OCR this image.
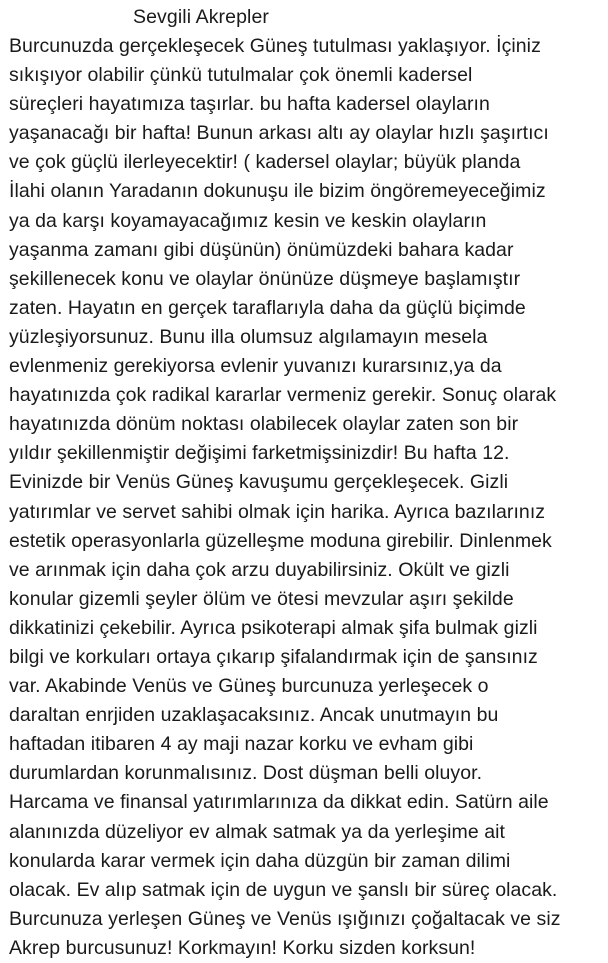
Sevgili Akrepler
Burcunuzda gerçekleşecek Güneş tutulması yaklaşıyor. İçiniz
sıkışıyor olabilir çünkü tutulmalar çok önemli kadersel
süreçleri hayatımıza taşırlar. bu hafta kadersel olayların
yaşanacağı bir hafta! Bunun arkası altı ay olaylar hızlı şaşırtıcı
ve çok güçlü ilerleyecektir! ( kadersel olaylar; büyük planda
İlahi olanın Yaradanın dokunuşu ile bizim öngöremeyeceğimiz
ya da karşı koyamayacağımız kesin ve keskin olayların
yaşanma zamanı gibi düşünün) önümüzdeki bahara kadar
şekillenecek konu ve olaylar önünüze düşmeye başlamıştır
zaten. Hayatın en gerçek taraflarıyla daha da güçlü biçimde
yüzleşiyorsunuz. Bunu illa olumsuz algılamayın mesela
evlenmeniz gerekiyorsa evlenir yuvanızı kurarsınız,ya da
hayatınızda çok radikal kararlar vermeniz gerekir. Sonuç olarak
hayatınızda dönüm noktası olabilecek olaylar zaten son bir
yıldır şekillenmiştir değişimi farketmişsinizdir! Bu hafta 12.
Evinizde bir Venüs Güneş kavuşumu gerçekleşecek. Gizli
yatırımlar ve servet sahibi olmak için harika. Ayrıca bazılarınız
estetik operasyonlarla güzelleşme moduna girebilir. Dinlenmek
ve arınmak için daha çok arzu duyabilirsiniz. Okült ve gizli
konular gizemli şeyler ölüm ve ötesi mevzular aşırı şekilde
dikkatinizi çekebilir. Ayrıca psikoterapi almak şifa bulmak gizli
bilgi ve korkuları ortaya çıkarıp şifalandırmak için de şansınız
var. Akabinde Venüs ve Güneş burcunuza yerleşecek o
daraltan enrjiden uzaklaşacaksınız. Ancak unutmayın bu
haftadan itibaren 4 ay maji nazar korku ve evham gibi
durumlardan korunmalısınız. Dost düşman belli oluyor.
Harcama ve finansal yatırımlarınıza da dikkat edin. Satürn aile
alanınızda düzeliyor ev almak satmak ya da yerleşime ait
konularda karar vermek için daha düzgün bir zaman dilimi
olacak. Ev alıp satmak için de uygun ve şanslı bir süreç olacak.
Burcunuza yerleşen Güneş ve Venüs ışığınızı çoğaltacak ve siz
Akrep burcusunuz! Korkmayın! Korku sizden korksun!
